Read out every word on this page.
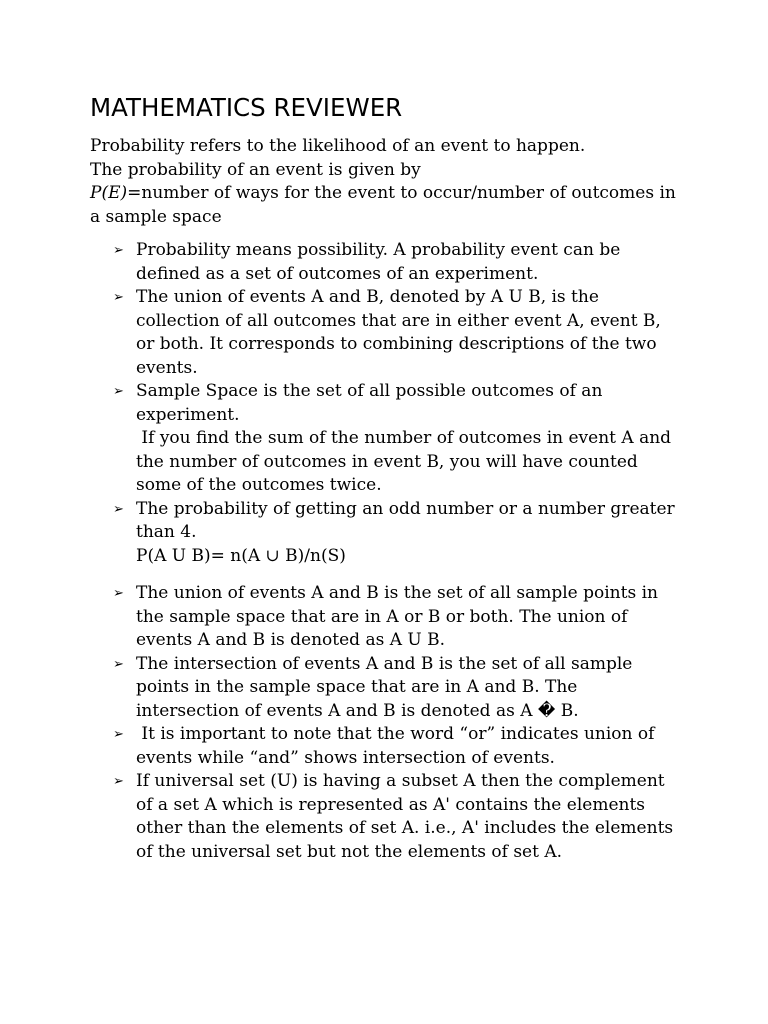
MATHEMATICS REVIEWER

Probability refers to the likelihood of an event to happen.

The probability of an event is given by

P(E)=number of ways for the event to occur/number of outcomes in a sample space

➢ Probability means possibility. A probability event can be defined as a set of outcomes of an experiment.
➢ The union of events A and B, denoted by A U B, is the collection of all outcomes that are in either event A, event B, or both. It corresponds to combining descriptions of the two events.
➢ Sample Space is the set of all possible outcomes of an experiment.
If you find the sum of the number of outcomes in event A and the number of outcomes in event B, you will have counted some of the outcomes twice.
➢ The probability of getting an odd number or a number greater than 4.
P(A U B)= n(A ∪ B)/n(S)
➢ The union of events A and B is the set of all sample points in the sample space that are in A or B or both. The union of events A and B is denoted as A U B.
➢ The intersection of events A and B is the set of all sample points in the sample space that are in A and B. The intersection of events A and B is denoted as A � B.
➢ It is important to note that the word “or” indicates union of events while “and” shows intersection of events.
➢ If universal set (U) is having a subset A then the complement of a set A which is represented as A' contains the elements other than the elements of set A. i.e., A' includes the elements of the universal set but not the elements of set A.
